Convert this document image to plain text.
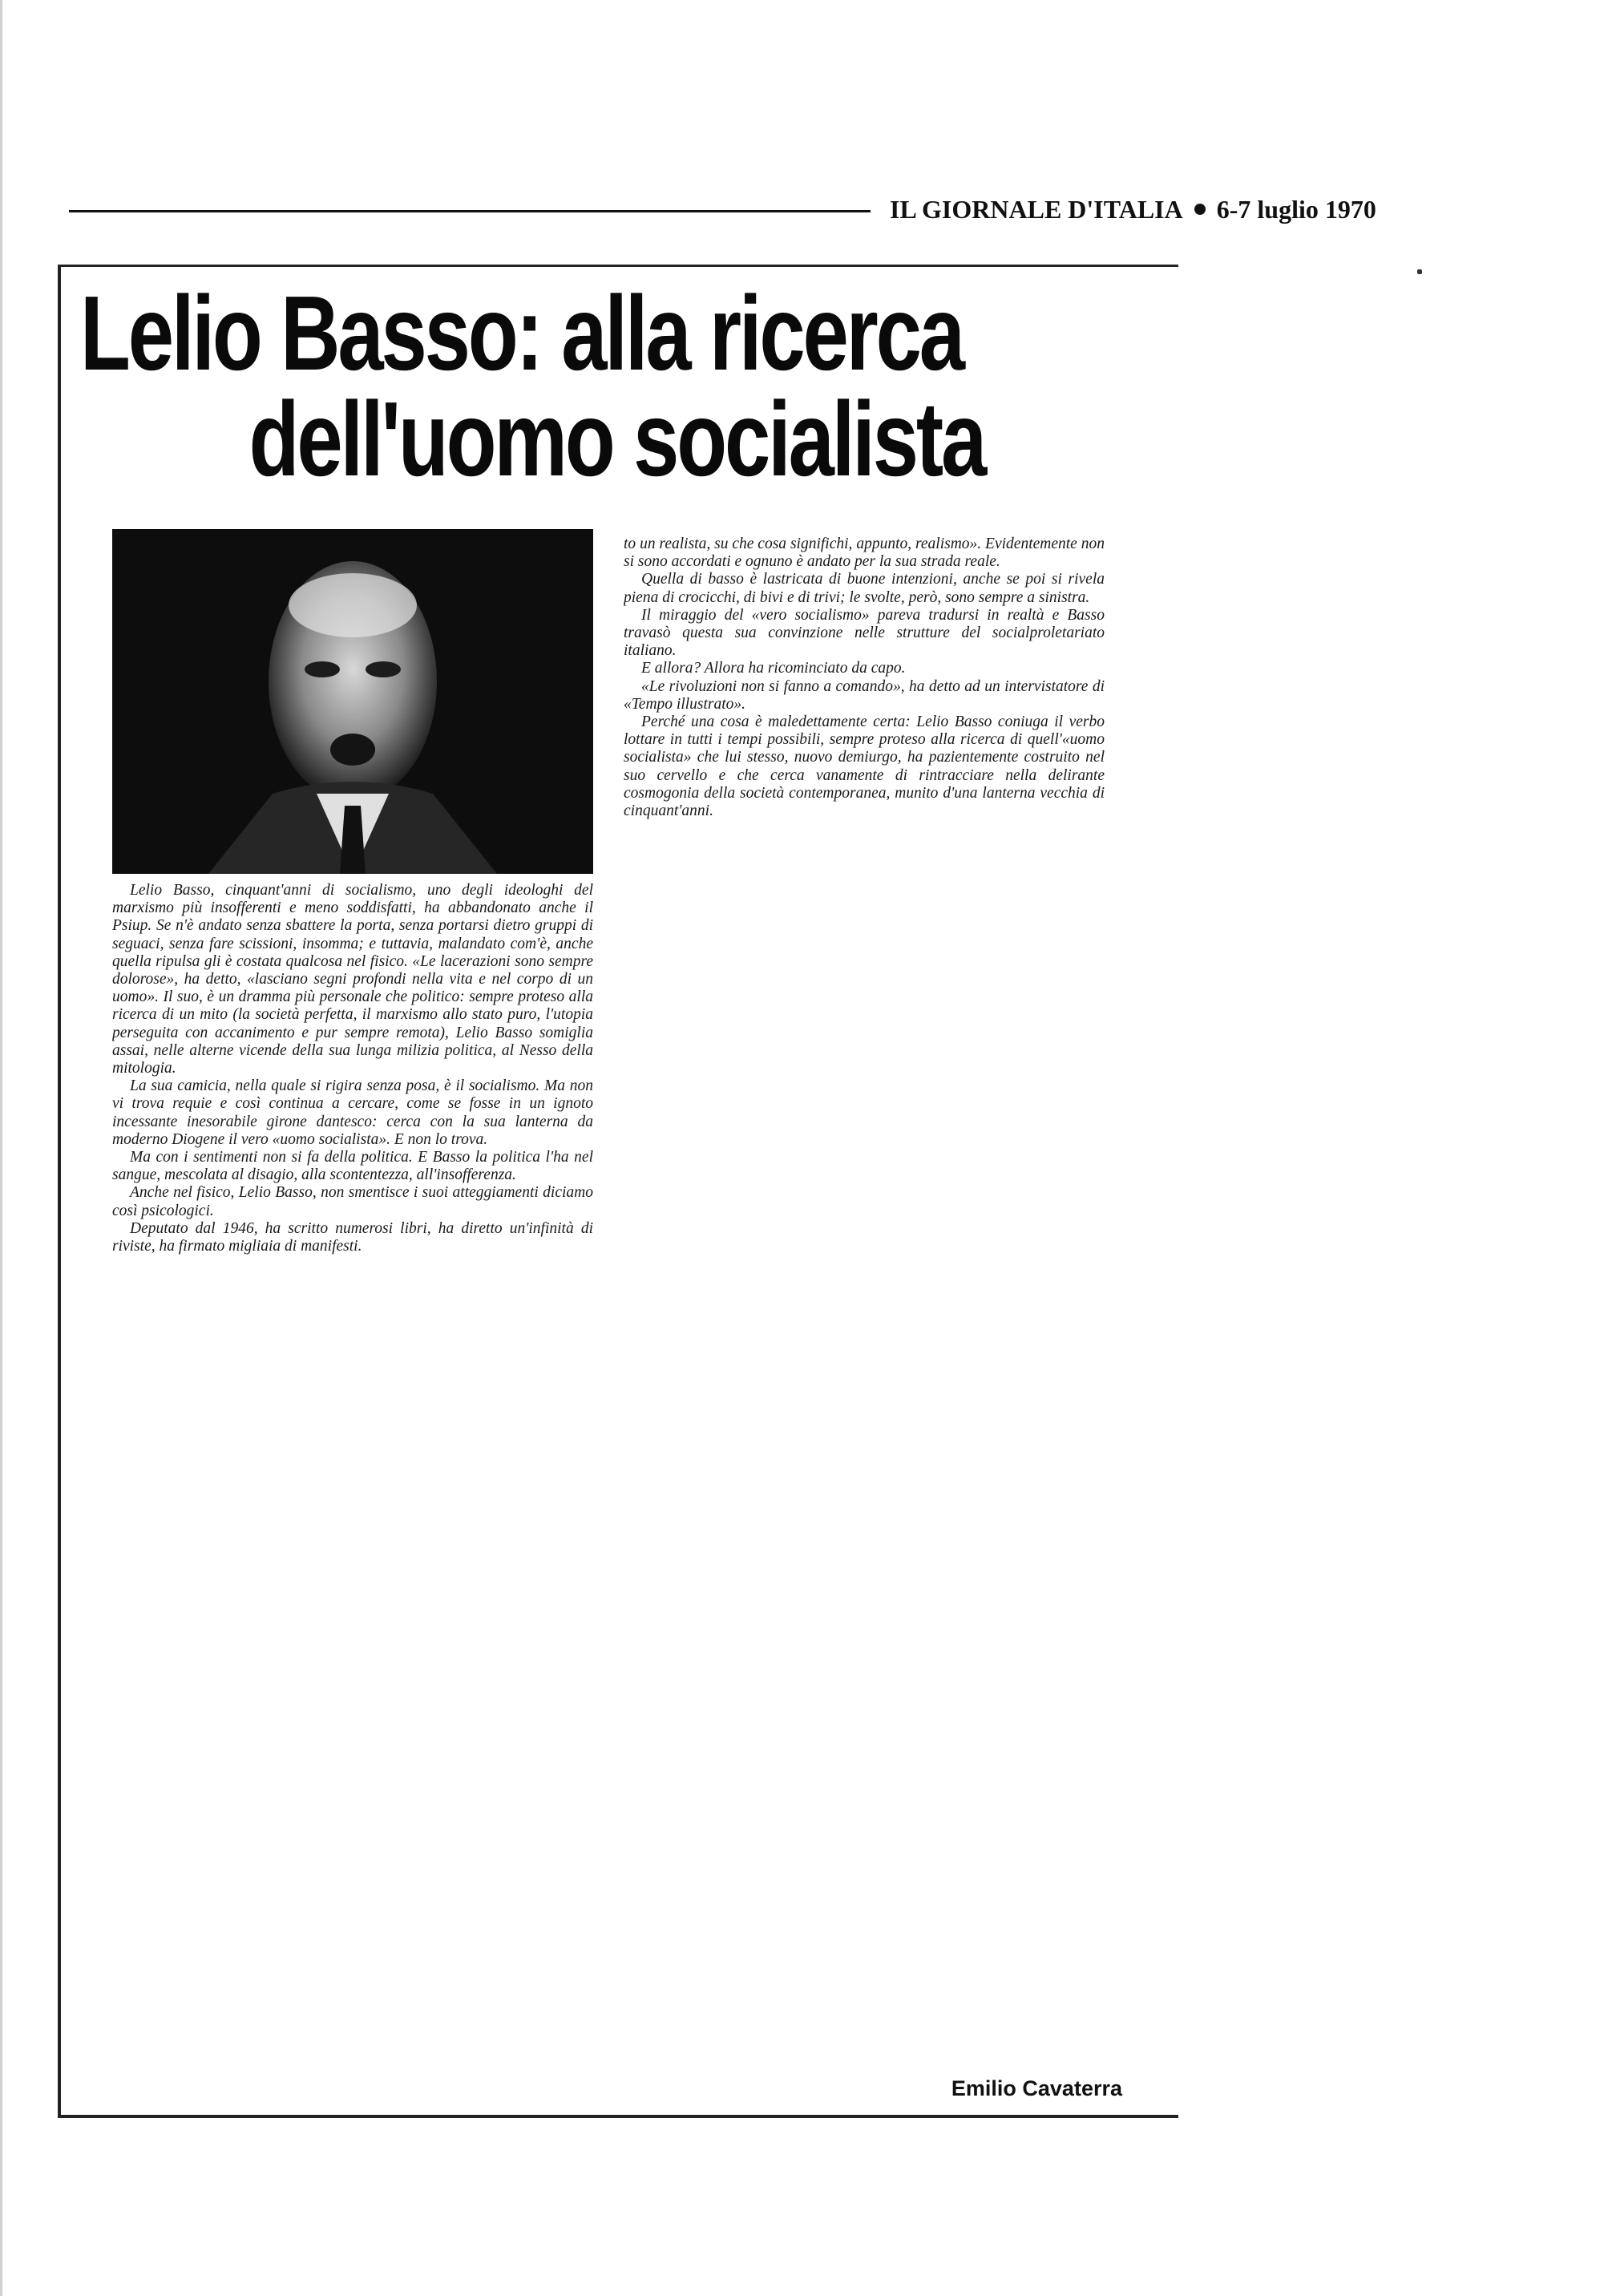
IL GIORNALE D'ITALIA 6-7 luglio 1970
Lelio Basso: alla ricerca
dell'uomo socialista

Lelio Basso, cinquant'anni di socialismo, uno degli ideologhi del marxismo più insofferenti e meno soddisfatti, ha abbandonato anche il Psiup. Se n'è andato senza sbattere la porta, senza portarsi dietro gruppi di seguaci, senza fare scissioni, insomma; e tuttavia, malandato com'è, anche quella ripulsa gli è costata qualcosa nel fisico. «Le lacerazioni sono sempre dolorose», ha detto, «lasciano segni profondi nella vita e nel corpo di un uomo». Il suo, è un dramma più personale che politico: sempre proteso alla ricerca di un mito (la società perfetta, il marxismo allo stato puro, l'utopia perseguita con accanimento e pur sempre remota), Lelio Basso somiglia assai, nelle alterne vicende della sua lunga milizia politica, al Nesso della mitologia.

La sua camicia, nella quale si rigira senza posa, è il socialismo. Ma non vi trova requie e così continua a cercare, come se fosse in un ignoto incessante inesorabile girone dantesco: cerca con la sua lanterna da moderno Diogene il vero «uomo socialista». E non lo trova.

Ma con i sentimenti non si fa della politica. E Basso la politica l'ha nel sangue, mescolata al disagio, alla scontentezza, all'insofferenza.

Anche nel fisico, Lelio Basso, non smentisce i suoi atteggiamenti diciamo così psicologici.

Deputato dal 1946, ha scritto numerosi libri, ha diretto un'infinità di riviste, ha firmato migliaia di manifesti.

to un realista, su che cosa significhi, appunto, realismo». Evidentemente non si sono accordati e ognuno è andato per la sua strada reale.

Quella di basso è lastricata di buone intenzioni, anche se poi si rivela piena di crocicchi, di bivi e di trivi; le svolte, però, sono sempre a sinistra.

Il miraggio del «vero socialismo» pareva tradursi in realtà e Basso travasò questa sua convinzione nelle strutture del socialproletariato italiano.

E allora? Allora ha ricominciato da capo.

«Le rivoluzioni non si fanno a comando», ha detto ad un intervistatore di «Tempo illustrato».

Perché una cosa è maledettamente certa: Lelio Basso coniuga il verbo lottare in tutti i tempi possibili, sempre proteso alla ricerca di quell'«uomo socialista» che lui stesso, nuovo demiurgo, ha pazientemente costruito nel suo cervello e che cerca vanamente di rintracciare nella delirante cosmogonia della società contemporanea, munito d'una lanterna vecchia di cinquant'anni.

Emilio Cavaterra
